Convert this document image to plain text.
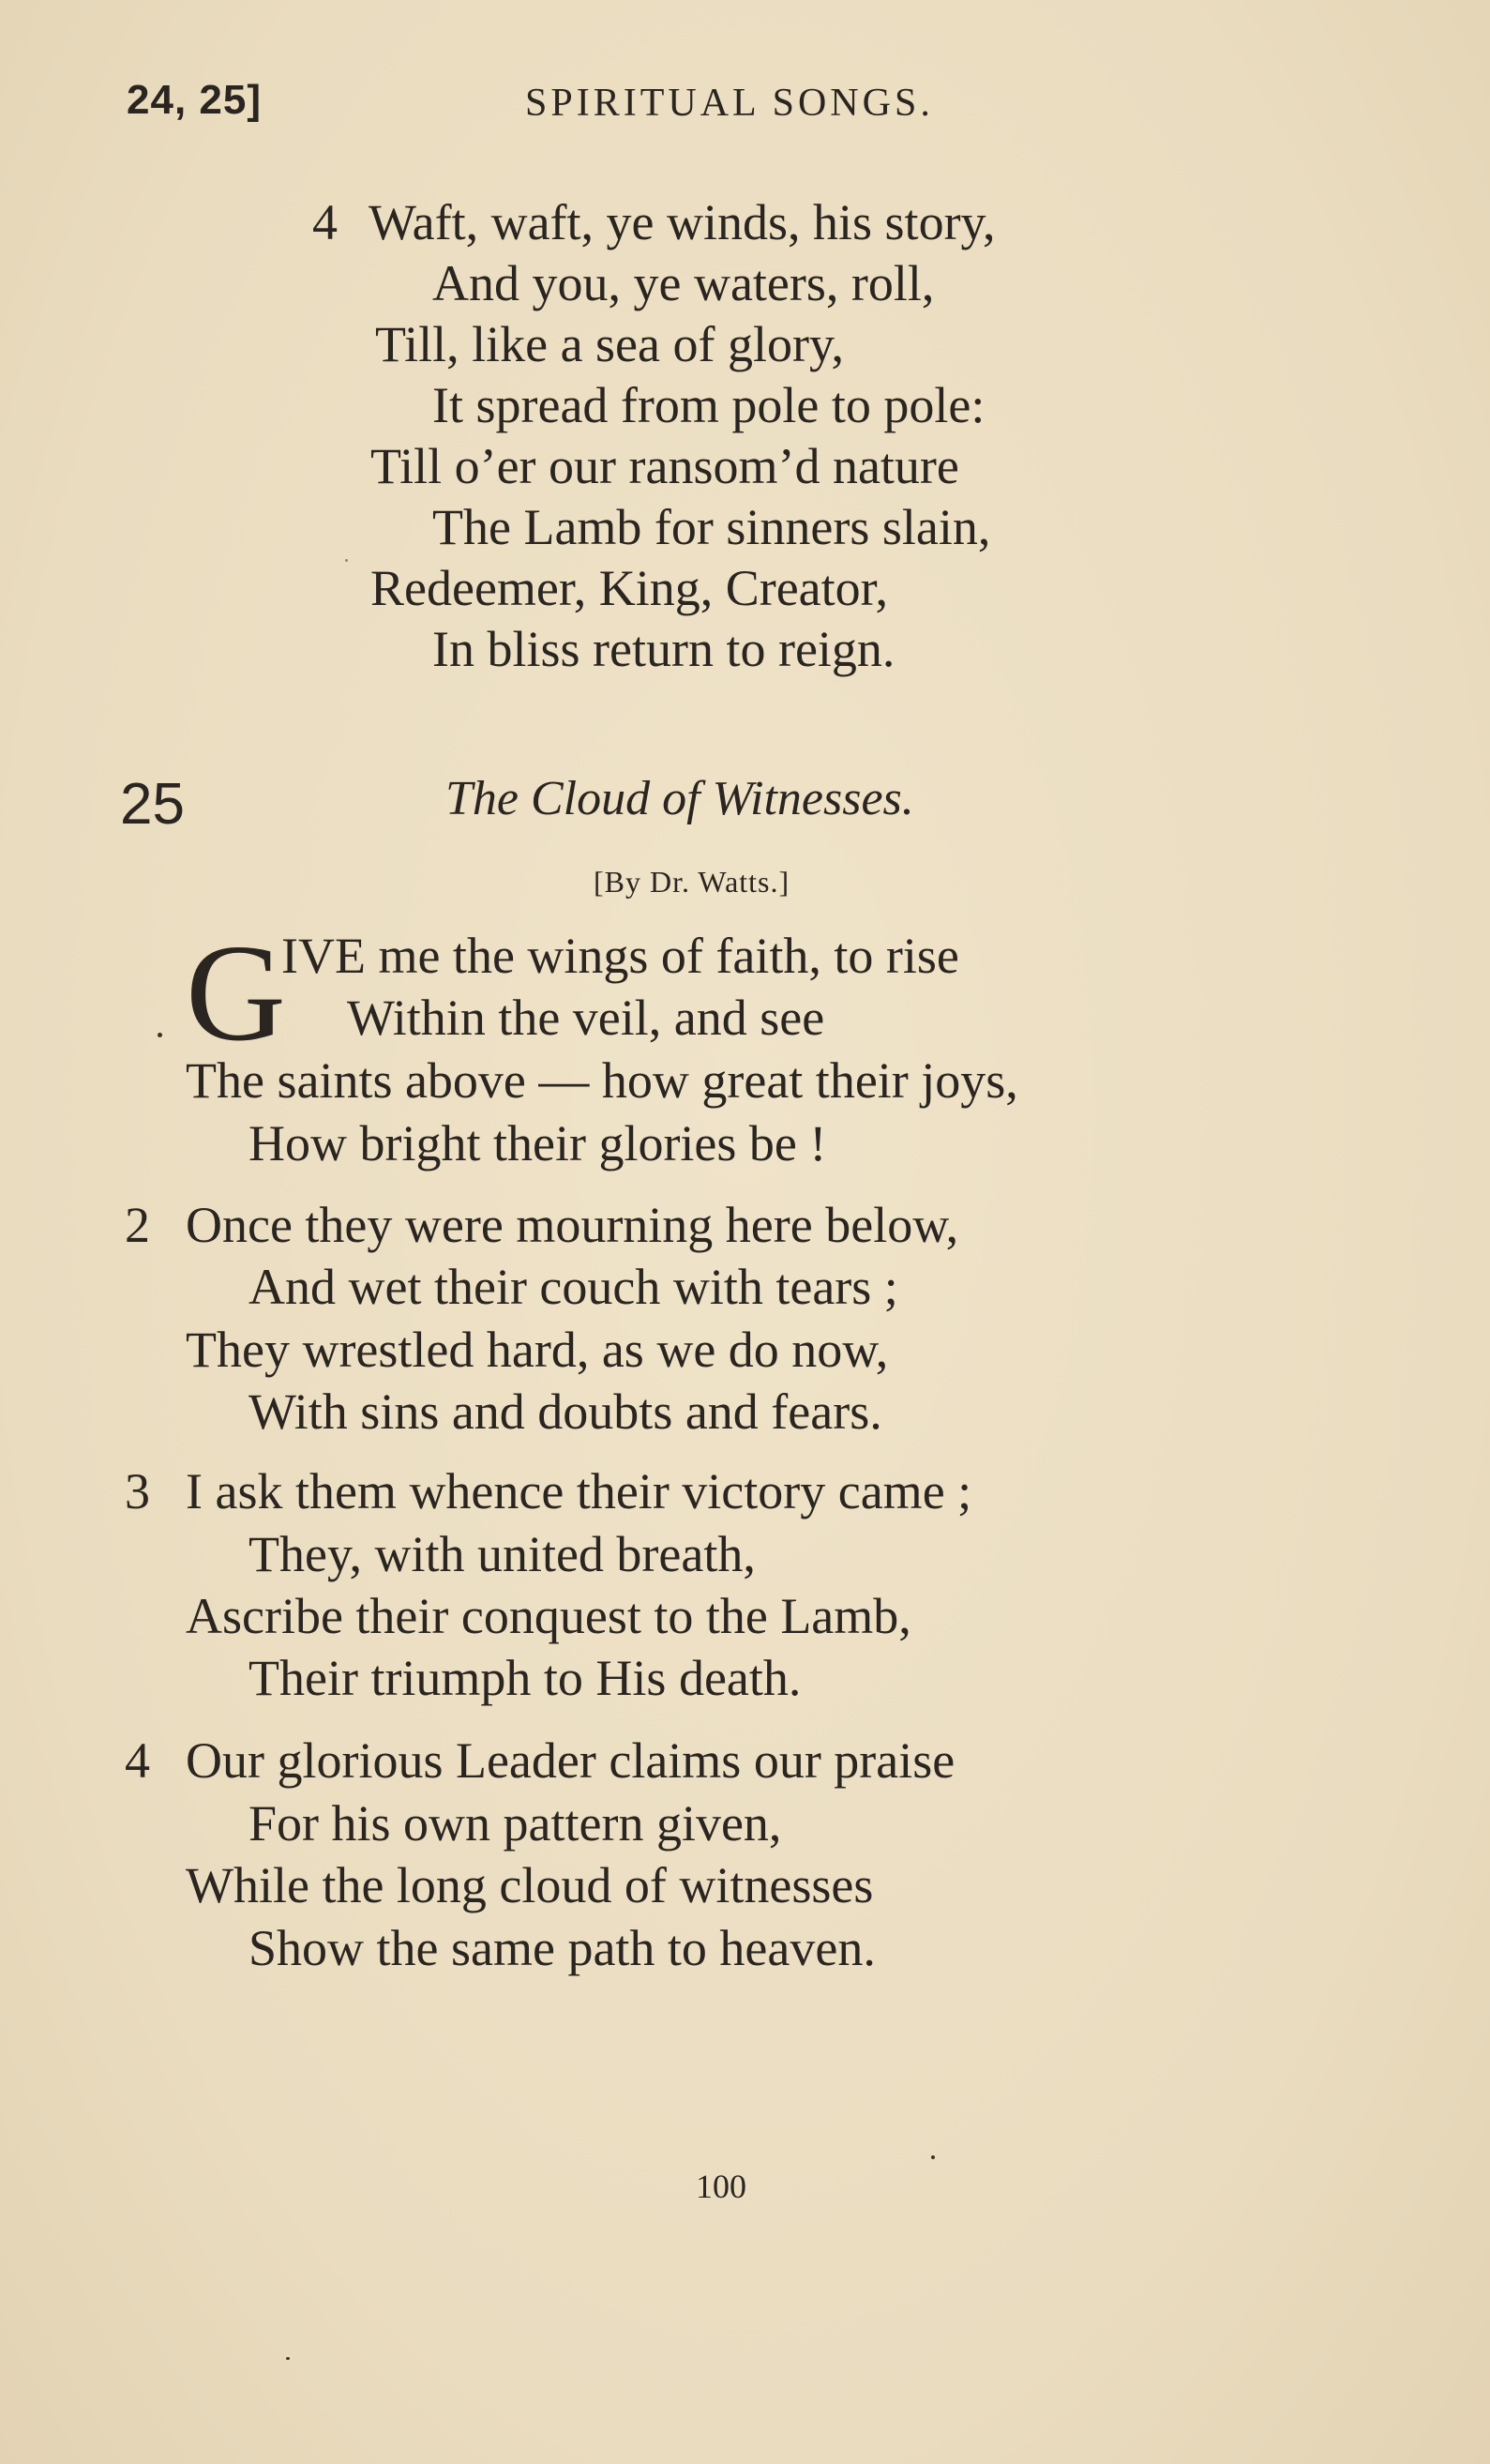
24, 25]	SPIRITUAL SONGS.
4 Waft, waft, ye winds, his story,
And you, ye waters, roll,
Till, like a sea of glory,
It spread from pole to pole:
Till o’er our ransom’d nature
The Lamb for sinners slain,
Redeemer, King, Creator,
In bliss return to reign.
25	The Cloud of Witnesses.
[By Dr. Watts.]
G
IVE me the wings of faith, to rise
Within the veil, and see
The saints above — how great their joys,
How bright their glories be !
2 Once they were mourning here below,
And wet their couch with tears ;
They wrestled hard, as we do now,
With sins and doubts and fears.
3 I ask them whence their victory came ;
They, with united breath,
Ascribe their conquest to the Lamb,
Their triumph to His death.
4 Our glorious Leader claims our praise
For his own pattern given,
While the long cloud of witnesses
Show the same path to heaven.
100
